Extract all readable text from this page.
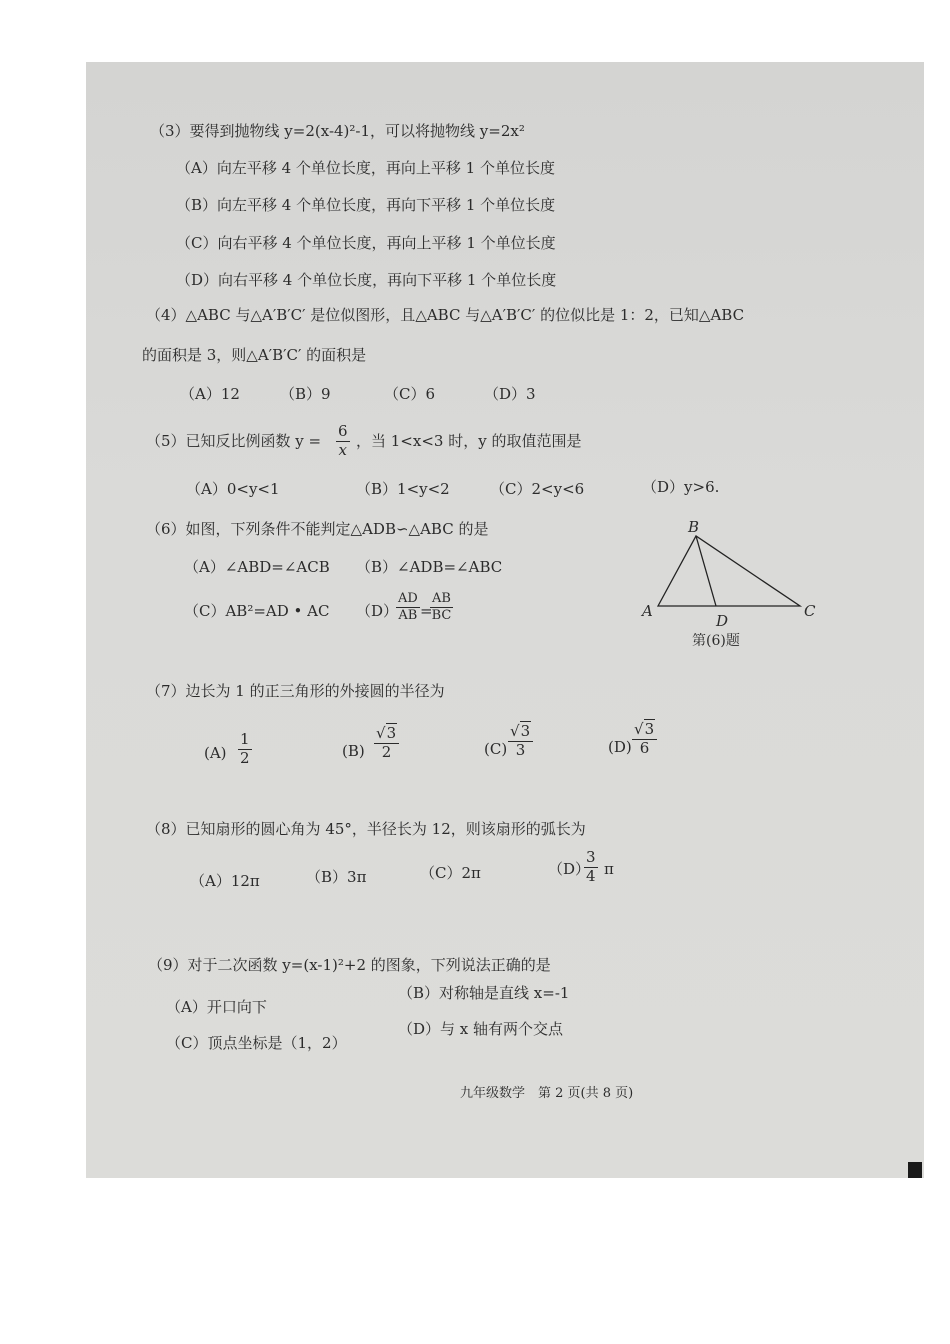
（3）要得到抛物线 y=2(x-4)²-1，可以将抛物线 y=2x²
（A）向左平移 4 个单位长度，再向上平移 1 个单位长度
（B）向左平移 4 个单位长度，再向下平移 1 个单位长度
（C）向右平移 4 个单位长度，再向上平移 1 个单位长度
（D）向右平移 4 个单位长度，再向下平移 1 个单位长度
（4）△ABC 与△A′B′C′ 是位似图形，且△ABC 与△A′B′C′ 的位似比是 1：2，已知△ABC
的面积是 3，则△A′B′C′ 的面积是
（A）12	（B）9	（C）6	（D）3
（5）已知反比例函数 $y = \frac{6}{x}$ ，当 1<x<3 时，y 的取值范围是
（A）0<y<1	（B）1<y<2	（C）2<y<6	（D）y>6.
（6）如图，下列条件不能判定△ADB∽△ABC 的是
（A）∠ABD=∠ACB （B）∠ADB=∠ABC
（C）AB²=AD • AC （D）
$\frac{AD}{AB}$ =
$\frac{AB}{BC}$
B
A
D
C
第(6)题
（7）边长为 1 的正三角形的外接圆的半径为
$(A) \frac{1}{2}$	$(B) \frac{√3}{2}$	$(C) \frac{√3}{3}$	$(D) \frac{√3}{6}$
（8）已知扇形的圆心角为 45°，半径长为 12，则该扇形的弧长为
（A）12π	（B）3π	（C）2π	（D）
$\frac{3}{4}$ π
（9）对于二次函数 y=(x-1)²+2 的图象，下列说法正确的是
（A）开口向下
（B）对称轴是直线 x=-1
（C）顶点坐标是（1，2）
（D）与 x 轴有两个交点
九年级数学　第 2 页(共 8 页)
